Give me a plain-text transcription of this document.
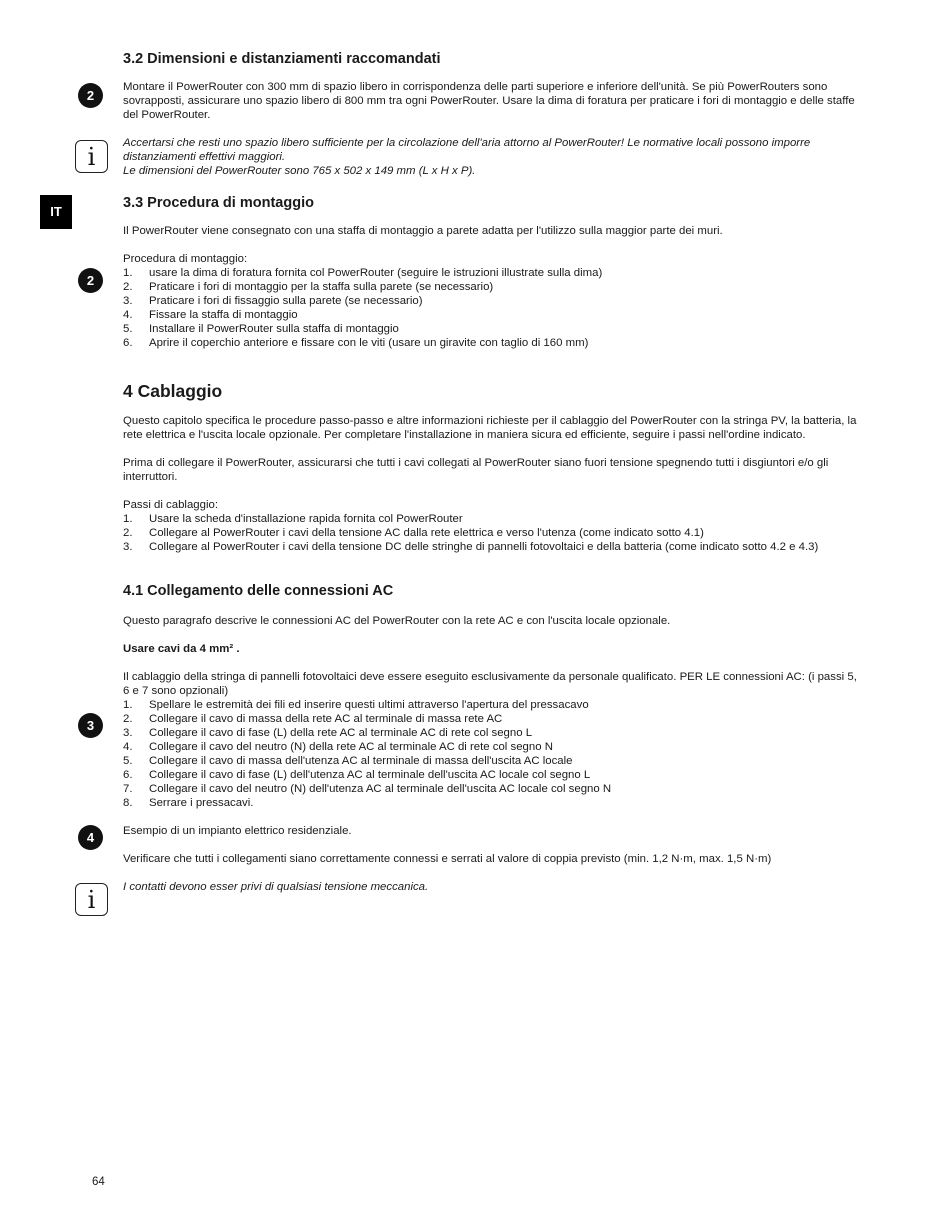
IT
2
i
2
3
4
i
3.2 Dimensioni e distanziamenti raccomandati

Montare il PowerRouter con 300 mm di spazio libero in corrispondenza delle parti superiore e inferiore dell'unità. Se più PowerRouters sono sovrapposti, assicurare uno spazio libero di 800 mm tra ogni PowerRouter. Usare la dima di foratura per praticare i fori di montaggio e delle staffe del PowerRouter.

Accertarsi che resti uno spazio libero sufficiente per la circolazione dell'aria attorno al PowerRouter! Le normative locali possono imporre distanziamenti effettivi maggiori.

Le dimensioni del PowerRouter sono 765 x 502 x 149 mm (L x H x P).

3.3 Procedura di montaggio

Il PowerRouter viene consegnato con una staffa di montaggio a parete adatta per l'utilizzo sulla maggior parte dei muri.

Procedura di montaggio:

1. usare la dima di foratura fornita col PowerRouter (seguire le istruzioni illustrate sulla dima)
2. Praticare i fori di montaggio per la staffa sulla parete (se necessario)
3. Praticare i fori di fissaggio sulla parete (se necessario)
4. Fissare la staffa di montaggio
5. Installare il PowerRouter sulla staffa di montaggio
6. Aprire il coperchio anteriore e fissare con le viti (usare un giravite con taglio di 160 mm)
4 Cablaggio

Questo capitolo specifica le procedure passo-passo e altre informazioni richieste per il cablaggio del PowerRouter con la stringa PV, la batteria, la rete elettrica e l'uscita locale opzionale. Per completare l'installazione in maniera sicura ed efficiente, seguire i passi nell'ordine indicato.

Prima di collegare il PowerRouter, assicurarsi che tutti i cavi collegati al PowerRouter siano fuori tensione spegnendo tutti i disgiuntori e/o gli interruttori.

Passi di cablaggio:

1. Usare la scheda d'installazione rapida fornita col PowerRouter
2. Collegare al PowerRouter i cavi della tensione AC dalla rete elettrica e verso l'utenza (come indicato sotto 4.1)
3. Collegare al PowerRouter i cavi della tensione DC delle stringhe di pannelli fotovoltaici e della batteria (come indicato sotto 4.2 e 4.3)
4.1 Collegamento delle connessioni AC

Questo paragrafo descrive le connessioni AC del PowerRouter con la rete AC e con l'uscita locale opzionale.

Usare cavi da 4 mm² .

Il cablaggio della stringa di pannelli fotovoltaici deve essere eseguito esclusivamente da personale qualificato. PER LE connessioni AC: (i passi 5, 6 e 7 sono opzionali)

1. Spellare le estremità dei fili ed inserire questi ultimi attraverso l'apertura del pressacavo
2. Collegare il cavo di massa della rete AC al terminale di massa rete AC
3. Collegare il cavo di fase (L) della rete AC al terminale AC di rete col segno L
4. Collegare il cavo del neutro (N) della rete AC al terminale AC di rete col segno N
5. Collegare il cavo di massa dell'utenza AC al terminale di massa dell'uscita AC locale
6. Collegare il cavo di fase (L) dell'utenza AC al terminale dell'uscita AC locale col segno L
7. Collegare il cavo del neutro (N) dell'utenza AC al terminale dell'uscita AC locale col segno N
8. Serrare i pressacavi.

Esempio di un impianto elettrico residenziale.

Verificare che tutti i collegamenti siano correttamente connessi e serrati al valore di coppia previsto (min. 1,2 N·m, max. 1,5 N·m)

I contatti devono esser privi di qualsiasi tensione meccanica.

64
